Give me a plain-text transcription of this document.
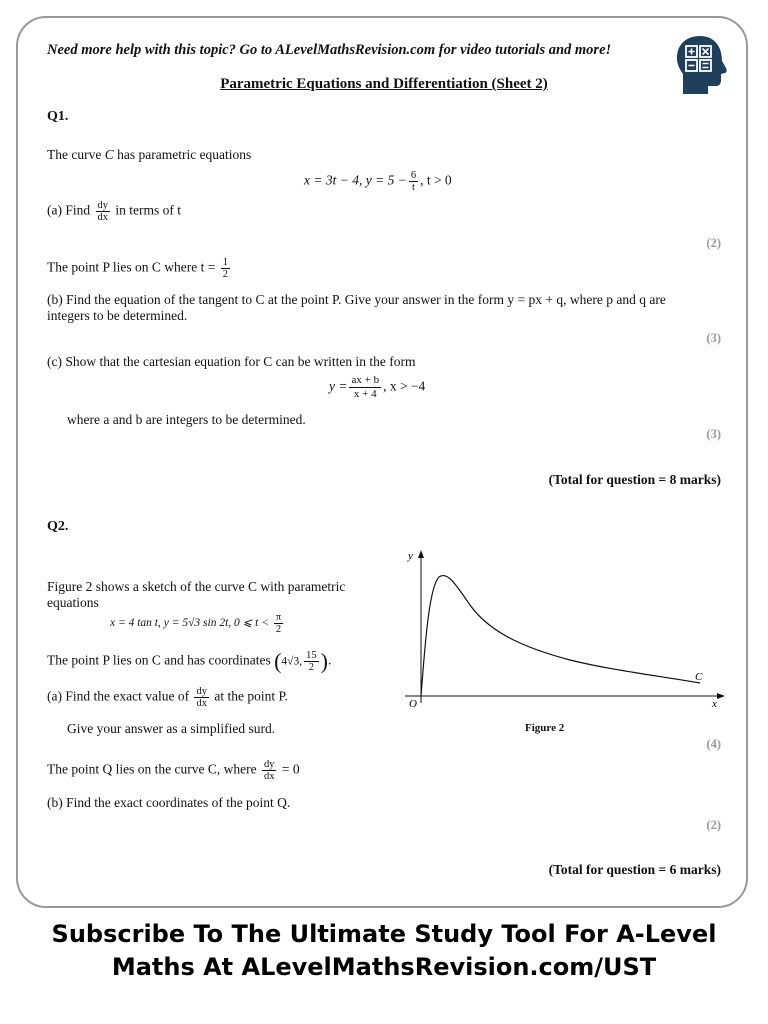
Need more help with this topic? Go to ALevelMathsRevision.com for video tutorials and more!
Parametric Equations and Differentiation (Sheet 2)
Q1.
The curve C has parametric equations
x = 3t − 4, $y = 5 - \frac{6}{t}$ , t > 0
(a) Find $\frac{dy}{dx}$ in terms of t
(2)
The point P lies on C where $t = \frac{1}{2}$
(b) Find the equation of the tangent to C at the point P. Give your answer in the form y = px + q, where p and q are
integers to be determined.
(3)
(c) Show that the cartesian equation for C can be written in the form
$y = \frac{ax + b}{x + 4}$ , x > −4
where a and b are integers to be determined.
(3)
(Total for question = 8 marks)
Q2.
Figure 2 shows a sketch of the curve C with parametric
equations
x = 4 tan t, y = 5√3 sin 2t, 0 ⩽ $t < \frac{\pi}{2}$
The point P lies on C and has coordinates (4√3, $\frac{15}{2}$ ).
(a) Find the exact value of $\frac{dy}{dx}$ at the point P.
Give your answer as a simplified surd.
(4)
The point Q lies on the curve C, where $\frac{dy}{dx} = 0$
(b) Find the exact coordinates of the point Q.
(2)
(Total for question = 6 marks)
y
x
O
C
Figure 2
Subscribe To The Ultimate Study Tool For A-Level
Maths At ALevelMathsRevision.com/UST
